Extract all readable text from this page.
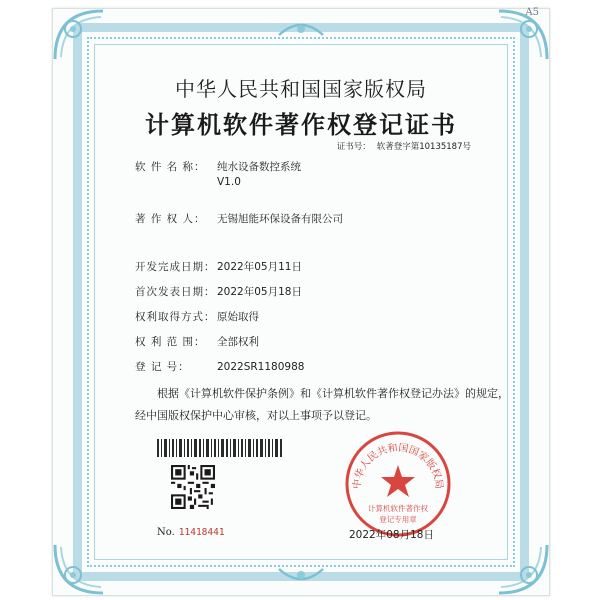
A5
中华人民共和国国家版权局
计算机软件著作权登记证书
证书号： 软著登字第10135187号
软 件 名 称： 纯水设备数控系统
V1.0
著 作 权 人： 无锡旭能环保设备有限公司
开发完成日期： 2022年05月11日
首次发表日期： 2022年05月18日
权利取得方式： 原始取得
权 利 范 围： 全部权利
登 记 号：	2022SR1180988
根据《计算机软件保护条例》和《计算机软件著作权登记办法》的规定，经中国版权保护中心审核，对以上事项予以登记。
No. 11418441
中华人民共和国国家版权局
计算机软件著作权
登记专用章
2022年08月18日
